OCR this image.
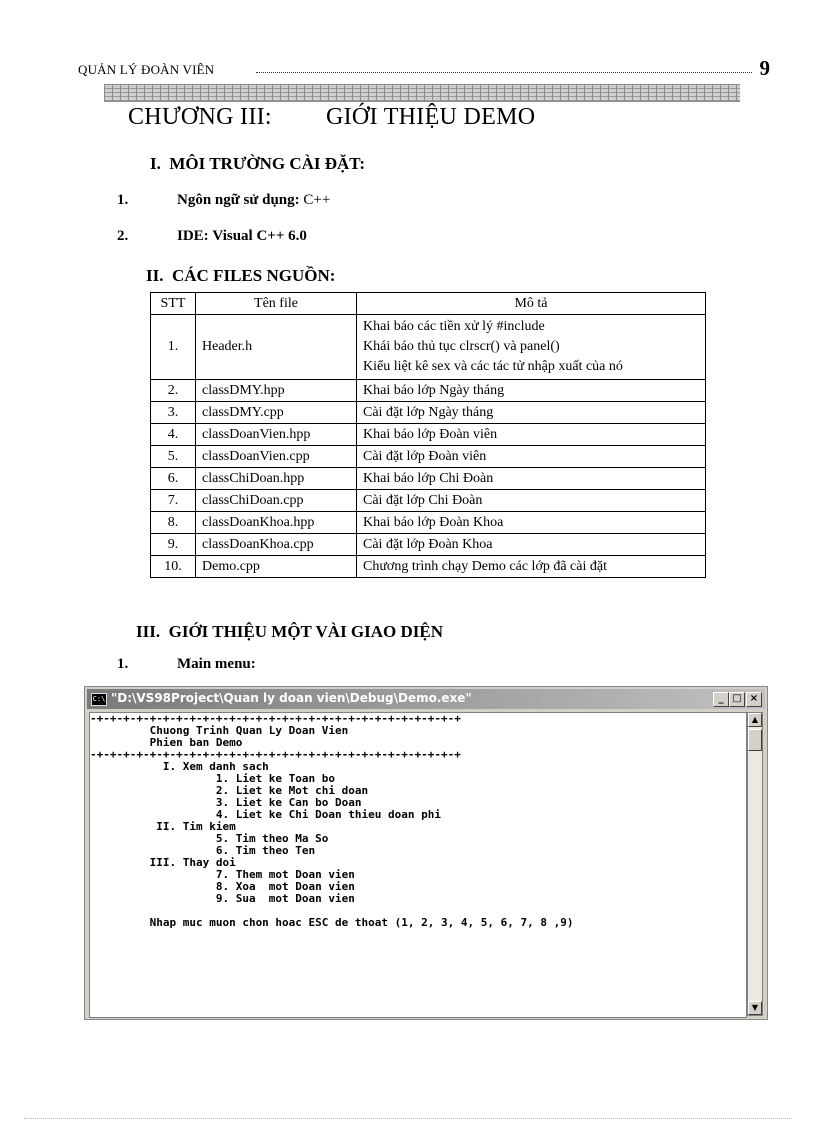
QUẢN LÝ ĐOÀN VIÊN	9
CHƯƠNG III: GIỚI THIỆU DEMO
I. MÔI TRƯỜNG CÀI ĐẶT:
1.	Ngôn ngữ sử dụng: C++
2.	IDE: Visual C++ 6.0
II. CÁC FILES NGUỒN:
STT	Tên file	Mô tả
1.	Header.h	Khai báo các tiền xử lý #include
Khái báo thủ tục clrscr() và panel()
Kiểu liệt kê sex và các tác tử nhập xuất của nó

2.	classDMY.hpp	Khai báo lớp Ngày tháng
3.	classDMY.cpp	Cài đặt lớp Ngày tháng
4.	classDoanVien.hpp	Khai báo lớp Đoàn viên
5.	classDoanVien.cpp	Cài đặt lớp Đoàn viên
6.	classChiDoan.hpp	Khai báo lớp Chi Đoàn
7.	classChiDoan.cpp	Cài đặt lớp Chi Đoàn
8.	classDoanKhoa.hpp	Khai báo lớp Đoàn Khoa
9.	classDoanKhoa.cpp	Cài đặt lớp Đoàn Khoa
10.	Demo.cpp	Chương trình chạy Demo các lớp đã cài đặt
III. GIỚI THIỆU MỘT VÀI GIAO DIỆN
1.	Main menu:
C:\ "D:\VS98Project\Quan ly doan vien\Debug\Demo.exe"	_ □ ×
-+-+-+-+-+-+-+-+-+-+-+-+-+-+-+-+-+-+-+-+-+-+-+-+-+-+-+-+
Chuong Trinh Quan Ly Doan Vien
Phien ban Demo
-+-+-+-+-+-+-+-+-+-+-+-+-+-+-+-+-+-+-+-+-+-+-+-+-+-+-+-+
I. Xem danh sach
1. Liet ke Toan bo
2. Liet ke Mot chi doan
3. Liet ke Can bo Doan
4. Liet ke Chi Doan thieu doan phi
II. Tim kiem
5. Tim theo Ma So
6. Tim theo Ten
III. Thay doi
7. Them mot Doan vien
8. Xoa  mot Doan vien
9. Sua  mot Doan vien
Nhap muc muon chon hoac ESC de thoat (1, 2, 3, 4, 5, 6, 7, 8 ,9)
▲
▼
